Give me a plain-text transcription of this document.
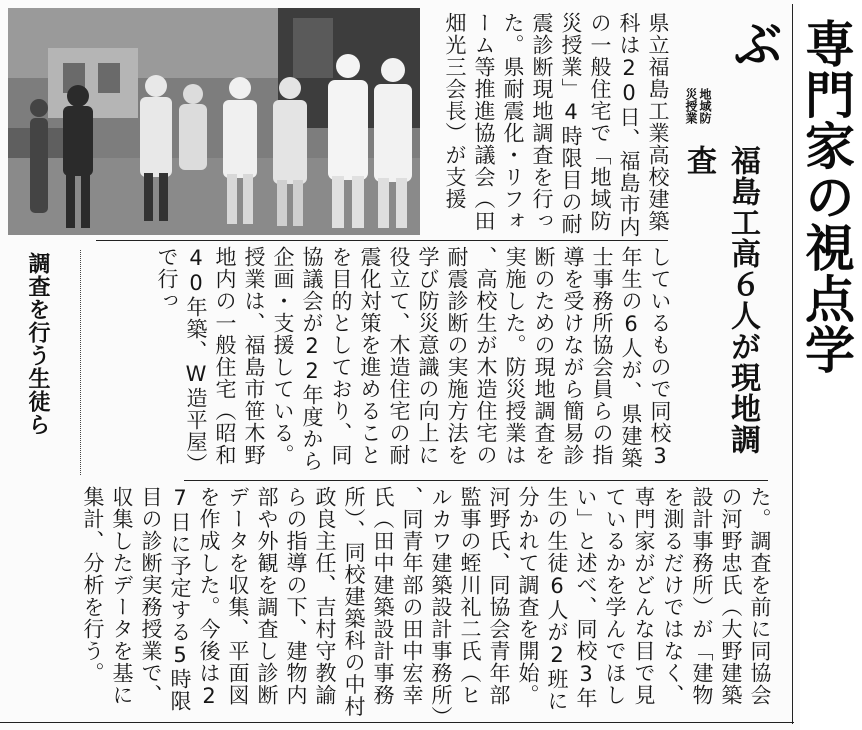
専門家の視点学ぶ
地域防
災授業
福島工高６人が現地調査
県立福島工業高校建築科は20日、福島市内の一般住宅で「地域防災授業」4時限目の耐震診断現地調査を行った。県耐震化・リフォーム等推進協議会（田畑光三会長）が支援
調査を行う生徒ら	しているもので同校3年生の6人が、県建築士事務所協会員らの指導を受けながら簡易診断のための現地調査を実施した。防災授業は、高校生が木造住宅の耐震診断の実施方法を学び防災意識の向上に役立て、木造住宅の耐震化対策を進めることを目的としており、同協議会が22年度から企画・支援している。授業は、福島市笹木野地内の一般住宅（昭和40年築、W造平屋）で行っ
た。調査を前に同協会の河野忠氏（大野建築設計事務所）が「建物を測るだけではなく、専門家がどんな目で見ているかを学んでほしい」と述べ、同校3年生の生徒6人が2班に分かれて調査を開始。河野氏、同協会青年部監事の蛭川礼二氏（ヒルカワ建築設計事務所）、同青年部の田中宏幸氏（田中建築設計事務所）、同校建築科の中村政良主任、吉村守教諭らの指導の下、建物内部や外観を調査し診断データを収集、平面図を作成した。今後は27日に予定する5時限目の診断実務授業で、収集したデータを基に集計、分析を行う。
